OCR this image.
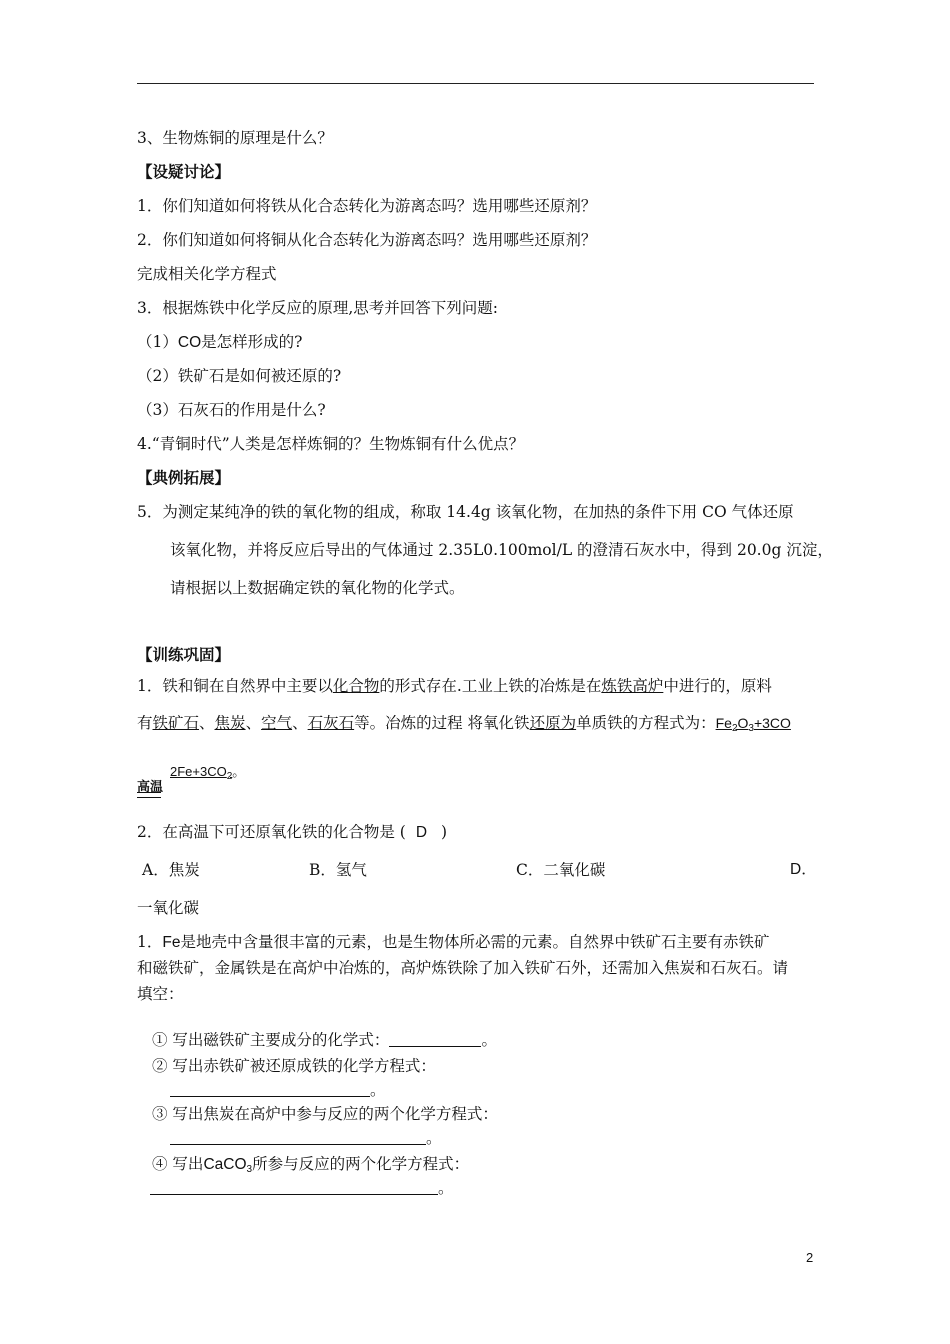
3、生物炼铜的原理是什么？
【设疑讨论】
1．你们知道如何将铁从化合态转化为游离态吗？选用哪些还原剂？
2．你们知道如何将铜从化合态转化为游离态吗？选用哪些还原剂？
完成相关化学方程式
3．根据炼铁中化学反应的原理,思考并回答下列问题:
（1）CO是怎样形成的?
（2）铁矿石是如何被还原的?
（3）石灰石的作用是什么?
4.“青铜时代”人类是怎样炼铜的？生物炼铜有什么优点？
【典例拓展】
5．为测定某纯净的铁的氧化物的组成，称取 14.4g 该氧化物，在加热的条件下用 CO 气体还原
该氧化物，并将反应后导出的气体通过 2.35L0.100mol/L 的澄清石灰水中，得到 20.0g 沉淀，
请根据以上数据确定铁的氧化物的化学式。
【训练巩固】
1．铁和铜在自然界中主要以化合物的形式存在.工业上铁的冶炼是在炼铁高炉中进行的，原料
有铁矿石、焦炭、空气、石灰石等。冶炼的过程 将氧化铁还原为单质铁的方程式为：$Fe_2O_3+3CO$
$2Fe+3CO_2$。
高温
2．在高温下可还原氧化铁的化合物是 ( D )
A．焦炭	B．氢气	C．二氧化碳	D．
一氧化碳
1．Fe是地壳中含量很丰富的元素，也是生物体所必需的元素。自然界中铁矿石主要有赤铁矿
和磁铁矿，金属铁是在高炉中冶炼的，高炉炼铁除了加入铁矿石外，还需加入焦炭和石灰石。请
填空：
① 写出磁铁矿主要成分的化学式：	。
② 写出赤铁矿被还原成铁的化学方程式：
。
③ 写出焦炭在高炉中参与反应的两个化学方程式：
。
④ 写出CaCO$_3$所参与反应的两个化学方程式：
。
2
